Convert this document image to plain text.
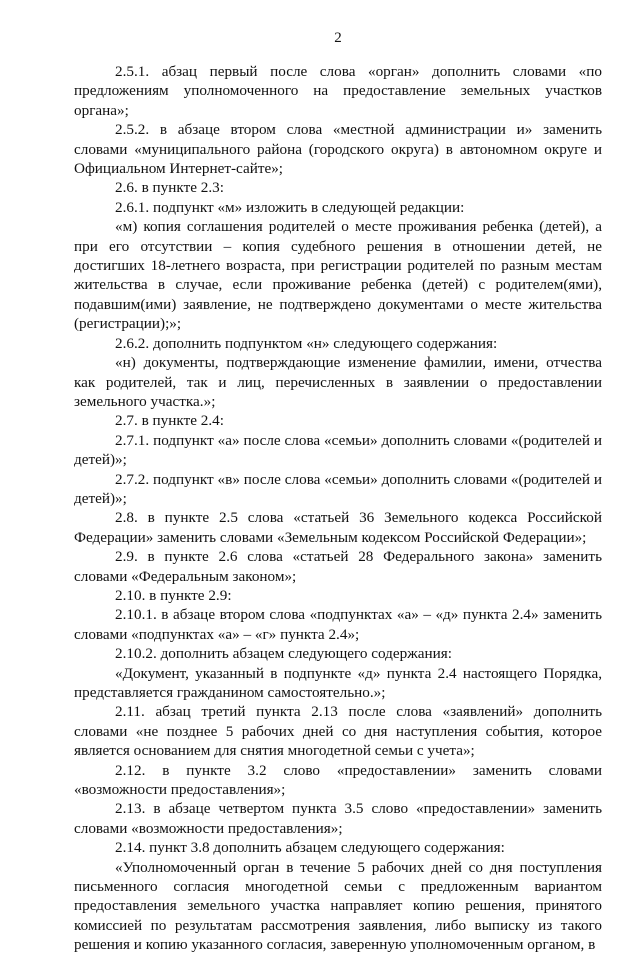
2

2.5.1. абзац первый после слова «орган» дополнить словами «по предложениям уполномоченного на предоставление земельных участков органа»;

2.5.2. в абзаце втором слова «местной администрации и» заменить словами «муниципального района (городского округа) в автономном округе и Официальном Интернет-сайте»;

2.6. в пункте 2.3:

2.6.1. подпункт «м» изложить в следующей редакции:

«м) копия соглашения родителей о месте проживания ребенка (детей), а при его отсутствии – копия судебного решения в отношении детей, не достигших 18-летнего возраста, при регистрации родителей по разным местам жительства в случае, если проживание ребенка (детей) с родителем(ями), подавшим(ими) заявление, не подтверждено документами о месте жительства (регистрации);»;

2.6.2. дополнить подпунктом «н» следующего содержания:

«н) документы, подтверждающие изменение фамилии, имени, отчества как родителей, так и лиц, перечисленных в заявлении о предоставлении земельного участка.»;

2.7. в пункте 2.4:

2.7.1. подпункт «а» после слова «семьи» дополнить словами «(родителей и детей)»;

2.7.2. подпункт «в» после слова «семьи» дополнить словами «(родителей и детей)»;

2.8. в пункте 2.5 слова «статьей 36 Земельного кодекса Российской Федерации» заменить словами «Земельным кодексом Российской Федерации»;

2.9. в пункте 2.6 слова «статьей 28 Федерального закона» заменить словами «Федеральным законом»;

2.10. в пункте 2.9:

2.10.1. в абзаце втором слова «подпунктах «а» – «д» пункта 2.4» заменить словами «подпунктах «а» – «г» пункта 2.4»;

2.10.2. дополнить абзацем следующего содержания:

«Документ, указанный в подпункте «д» пункта 2.4 настоящего Порядка, представляется гражданином самостоятельно.»;

2.11. абзац третий пункта 2.13 после слова «заявлений» дополнить словами «не позднее 5 рабочих дней со дня наступления события, которое является основанием для снятия многодетной семьи с учета»;

2.12. в пункте 3.2 слово «предоставлении» заменить словами «возможности предоставления»;

2.13. в абзаце четвертом пункта 3.5 слово «предоставлении» заменить словами «возможности предоставления»;

2.14. пункт 3.8 дополнить абзацем следующего содержания:

«Уполномоченный орган в течение 5 рабочих дней со дня поступления письменного согласия многодетной семьи с предложенным вариантом предоставления земельного участка направляет копию решения, принятого комиссией по результатам рассмотрения заявления, либо выписку из такого решения и копию указанного согласия, заверенную уполномоченным органом, в
